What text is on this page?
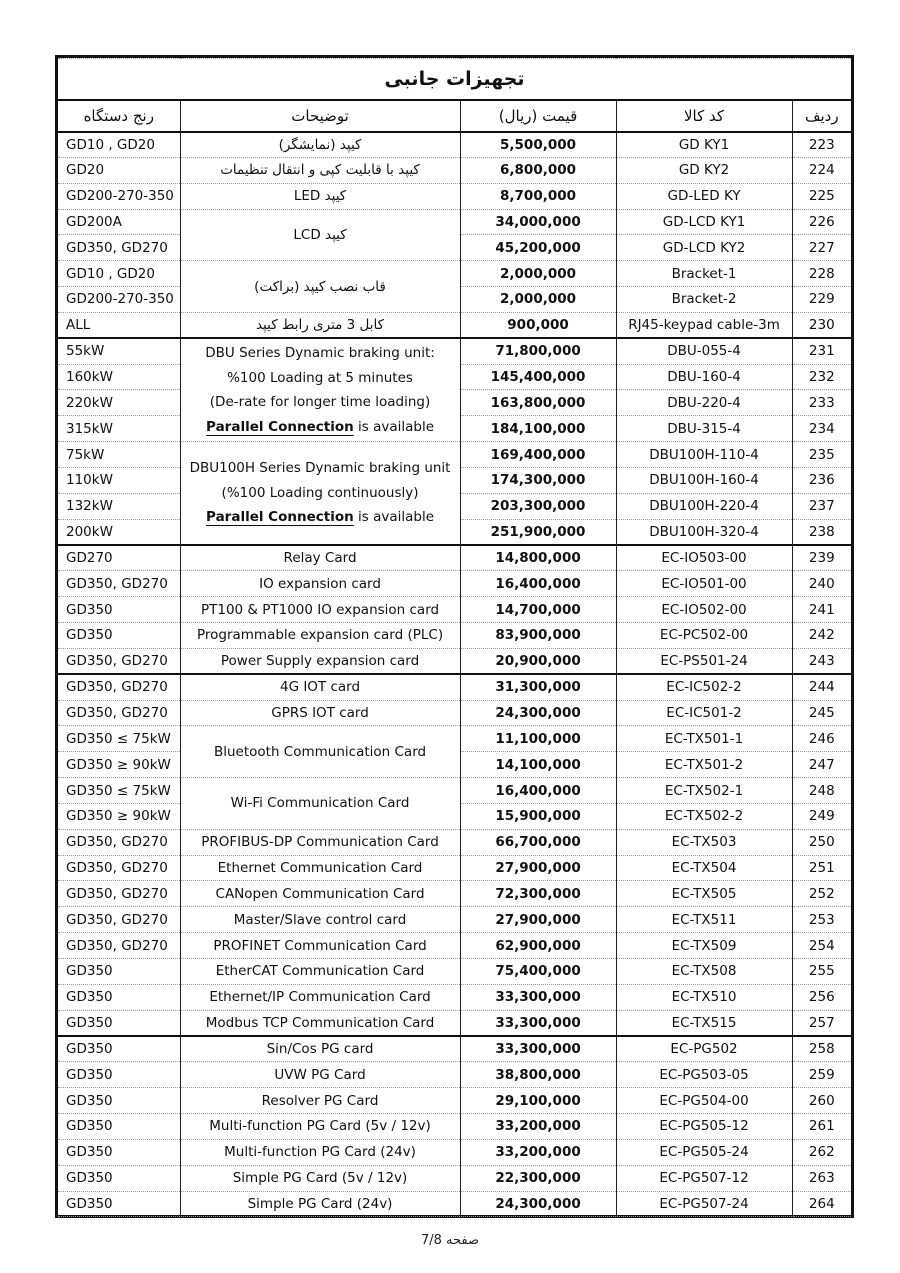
تجهیزات جانبی				
ردیف	کد کالا	قیمت (ریال)	توضیحات	رنج دستگاه
223	GD KY1	5,500,000	کیپد (نمایشگر)	GD10 , GD20
224	GD KY2	6,800,000	کیپد با قابلیت کپی و انتقال تنظیمات	GD20
225	GD-LED KY	8,700,000	کیپد LED	GD200-270-350
226	GD-LCD KY1	34,000,000	کیپد LCD	GD200A
227	GD-LCD KY2	45,200,000		GD350, GD270
228	Bracket-1	2,000,000	قاب نصب کیپد (براکت)	GD10 , GD20
229	Bracket-2	2,000,000		GD200-270-350
230	RJ45-keypad cable-3m	900,000	کابل 3 متری رابط کیپد	ALL
231	DBU-055-4	71,800,000	DBU Series Dynamic braking unit:
%100 Loading at 5 minutes
(De-rate for longer time loading)
Parallel Connection is available	55kW
232	DBU-160-4	145,400,000		160kW
233	DBU-220-4	163,800,000		220kW
234	DBU-315-4	184,100,000		315kW
235	DBU100H-110-4	169,400,000	DBU100H Series Dynamic braking unit
(%100 Loading continuously)
Parallel Connection is available	75kW
236	DBU100H-160-4	174,300,000		110kW
237	DBU100H-220-4	203,300,000		132kW
238	DBU100H-320-4	251,900,000		200kW
239	EC-IO503-00	14,800,000	Relay Card	GD270
240	EC-IO501-00	16,400,000	IO expansion card	GD350, GD270
241	EC-IO502-00	14,700,000	PT100 & PT1000 IO expansion card	GD350
242	EC-PC502-00	83,900,000	Programmable expansion card (PLC)	GD350
243	EC-PS501-24	20,900,000	Power Supply expansion card	GD350, GD270
244	EC-IC502-2	31,300,000	4G IOT card	GD350, GD270
245	EC-IC501-2	24,300,000	GPRS IOT card	GD350, GD270
246	EC-TX501-1	11,100,000	Bluetooth Communication Card	GD350 ≤ 75kW
247	EC-TX501-2	14,100,000		GD350 ≥ 90kW
248	EC-TX502-1	16,400,000	Wi-Fi Communication Card	GD350 ≤ 75kW
249	EC-TX502-2	15,900,000		GD350 ≥ 90kW
250	EC-TX503	66,700,000	PROFIBUS-DP Communication Card	GD350, GD270
251	EC-TX504	27,900,000	Ethernet Communication Card	GD350, GD270
252	EC-TX505	72,300,000	CANopen Communication Card	GD350, GD270
253	EC-TX511	27,900,000	Master/Slave control card	GD350, GD270
254	EC-TX509	62,900,000	PROFINET Communication Card	GD350, GD270
255	EC-TX508	75,400,000	EtherCAT Communication Card	GD350
256	EC-TX510	33,300,000	Ethernet/IP Communication Card	GD350
257	EC-TX515	33,300,000	Modbus TCP Communication Card	GD350
258	EC-PG502	33,300,000	Sin/Cos PG card	GD350
259	EC-PG503-05	38,800,000	UVW PG Card	GD350
260	EC-PG504-00	29,100,000	Resolver PG Card	GD350
261	EC-PG505-12	33,200,000	Multi-function PG Card (5v / 12v)	GD350
262	EC-PG505-24	33,200,000	Multi-function PG Card (24v)	GD350
263	EC-PG507-12	22,300,000	Simple PG Card (5v / 12v)	GD350
264	EC-PG507-24	24,300,000	Simple PG Card (24v)	GD350
صفحه 7/8
